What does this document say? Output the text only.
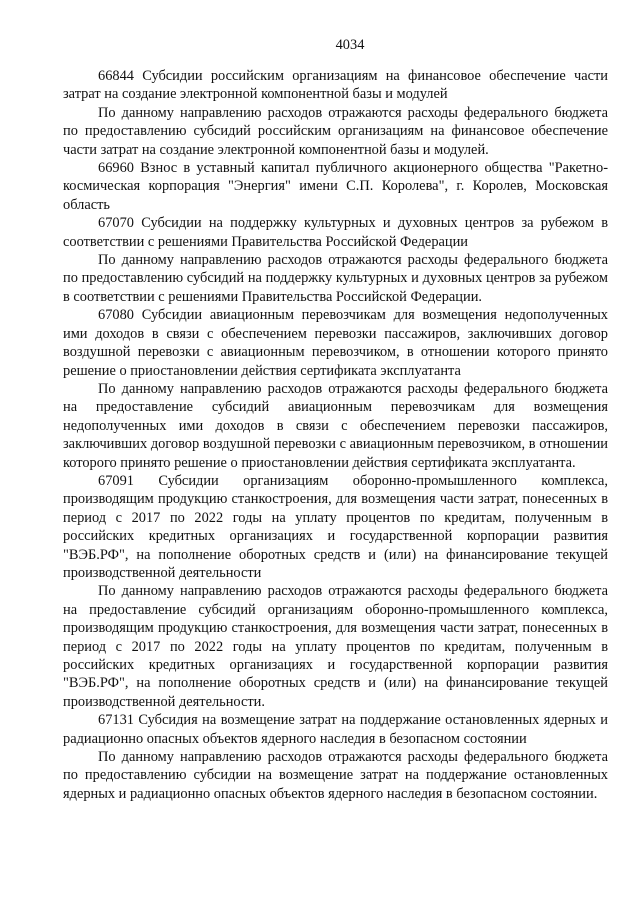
4034

66844 Субсидии российским организациям на финансовое обеспечение части затрат на создание электронной компонентной базы и модулей

По данному направлению расходов отражаются расходы федерального бюджета по предоставлению субсидий российским организациям на финансовое обеспечение части затрат на создание электронной компонентной базы и модулей.

66960 Взнос в уставный капитал публичного акционерного общества "Ракетно-космическая корпорация "Энергия" имени С.П. Королева", г. Королев, Московская область

67070 Субсидии на поддержку культурных и духовных центров за рубежом в соответствии с решениями Правительства Российской Федерации

По данному направлению расходов отражаются расходы федерального бюджета по предоставлению субсидий на поддержку культурных и духовных центров за рубежом в соответствии с решениями Правительства Российской Федерации.

67080 Субсидии авиационным перевозчикам для возмещения недополученных ими доходов в связи с обеспечением перевозки пассажиров, заключивших договор воздушной перевозки с авиационным перевозчиком, в отношении которого принято решение о приостановлении действия сертификата эксплуатанта

По данному направлению расходов отражаются расходы федерального бюджета на предоставление субсидий авиационным перевозчикам для возмещения недополученных ими доходов в связи с обеспечением перевозки пассажиров, заключивших договор воздушной перевозки с авиационным перевозчиком, в отношении которого принято решение о приостановлении действия сертификата эксплуатанта.

67091 Субсидии организациям оборонно-промышленного комплекса, производящим продукцию станкостроения, для возмещения части затрат, понесенных в период с 2017 по 2022 годы на уплату процентов по кредитам, полученным в российских кредитных организациях и государственной корпорации развития "ВЭБ.РФ", на пополнение оборотных средств и (или) на финансирование текущей производственной деятельности

По данному направлению расходов отражаются расходы федерального бюджета на предоставление субсидий организациям оборонно-промышленного комплекса, производящим продукцию станкостроения, для возмещения части затрат, понесенных в период с 2017 по 2022 годы на уплату процентов по кредитам, полученным в российских кредитных организациях и государственной корпорации развития "ВЭБ.РФ", на пополнение оборотных средств и (или) на финансирование текущей производственной деятельности.

67131 Субсидия на возмещение затрат на поддержание остановленных ядерных и радиационно опасных объектов ядерного наследия в безопасном состоянии

По данному направлению расходов отражаются расходы федерального бюджета по предоставлению субсидии на возмещение затрат на поддержание остановленных ядерных и радиационно опасных объектов ядерного наследия в безопасном состоянии.
